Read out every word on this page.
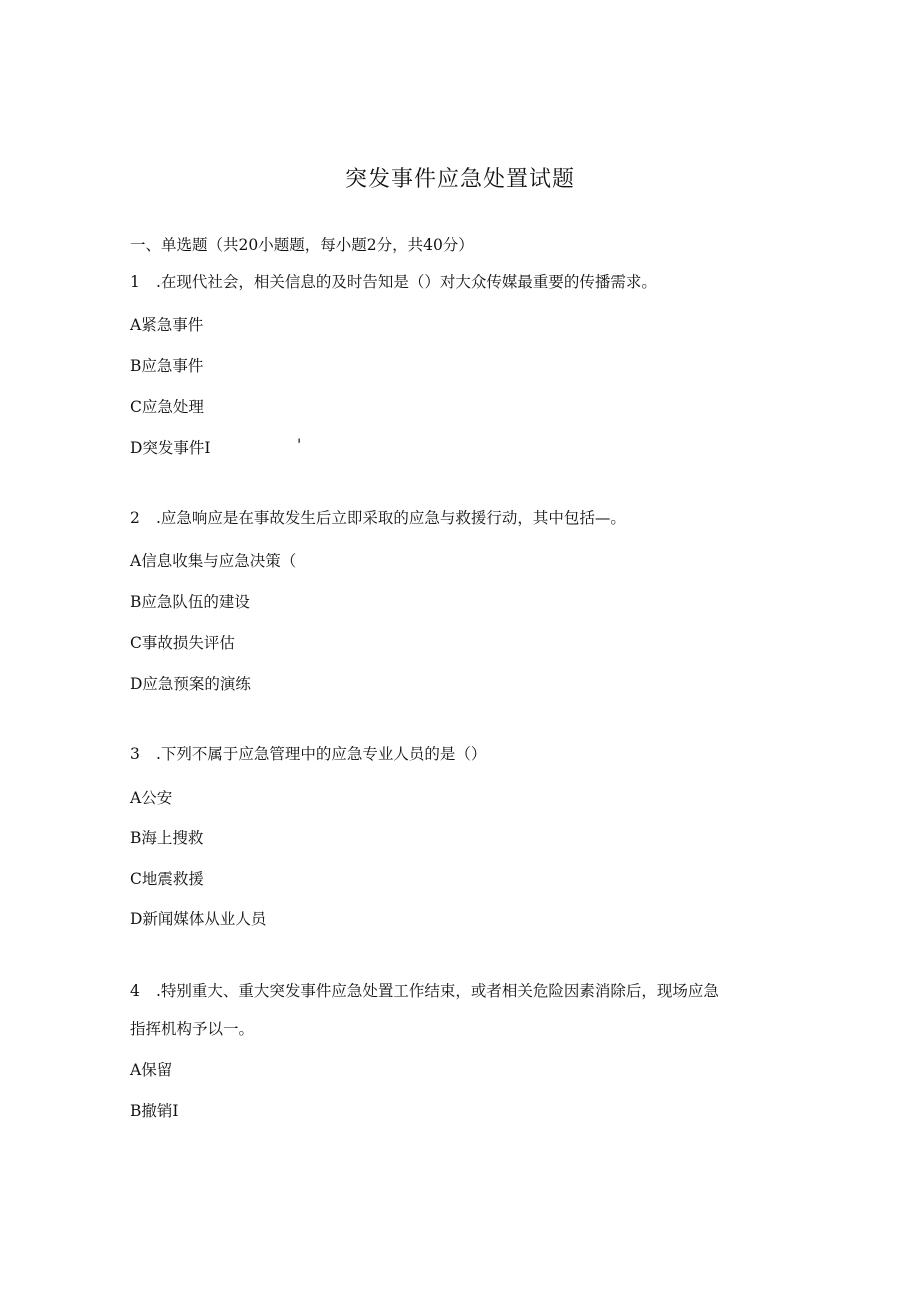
突发事件应急处置试题
一、单选题（共20小题题，每小题2分，共40分）
1 .在现代社会，相关信息的及时告知是（）对大众传媒最重要的传播需求。
A紧急事件
B应急事件
C应急处理
D突发事件I	'
2 .应急响应是在事故发生后立即采取的应急与救援行动，其中包括—。
A信息收集与应急决策（
B应急队伍的建设
C事故损失评估
D应急预案的演练
3 .下列不属于应急管理中的应急专业人员的是（）
A公安
B海上搜救
C地震救援
D新闻媒体从业人员
4 .特别重大、重大突发事件应急处置工作结束，或者相关危险因素消除后，现场应急
指挥机构予以一。
A保留
B撤销I
